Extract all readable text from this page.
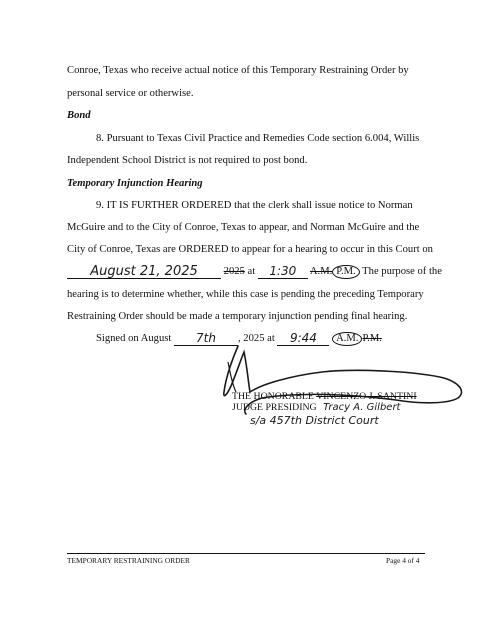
Conroe, Texas who receive actual notice of this Temporary Restraining Order by
personal service or otherwise.
Bond
8. Pursuant to Texas Civil Practice and Remedies Code section 6.004, Willis
Independent School District is not required to post bond.
Temporary Injunction Hearing
9. IT IS FURTHER ORDERED that the clerk shall issue notice to Norman
McGuire and to the City of Conroe, Texas to appear, and Norman McGuire and the
City of Conroe, Texas are ORDERED to appear for a hearing to occur in this Court on
August 21, 2025	2025 at	1:30	A.M. P.M. The purpose of the
hearing is to determine whether, while this case is pending the preceding Temporary
Restraining Order should be made a temporary injunction pending final hearing.
Signed on August	7th	, 2025 at	9:44	A.M. P.M.
THE HONORABLE VINCENZO J. SANTINI
JUDGE PRESIDING Tracy A. Gilbert
s/a 457th District Court
TEMPORARY RESTRAINING ORDER	Page 4 of 4
